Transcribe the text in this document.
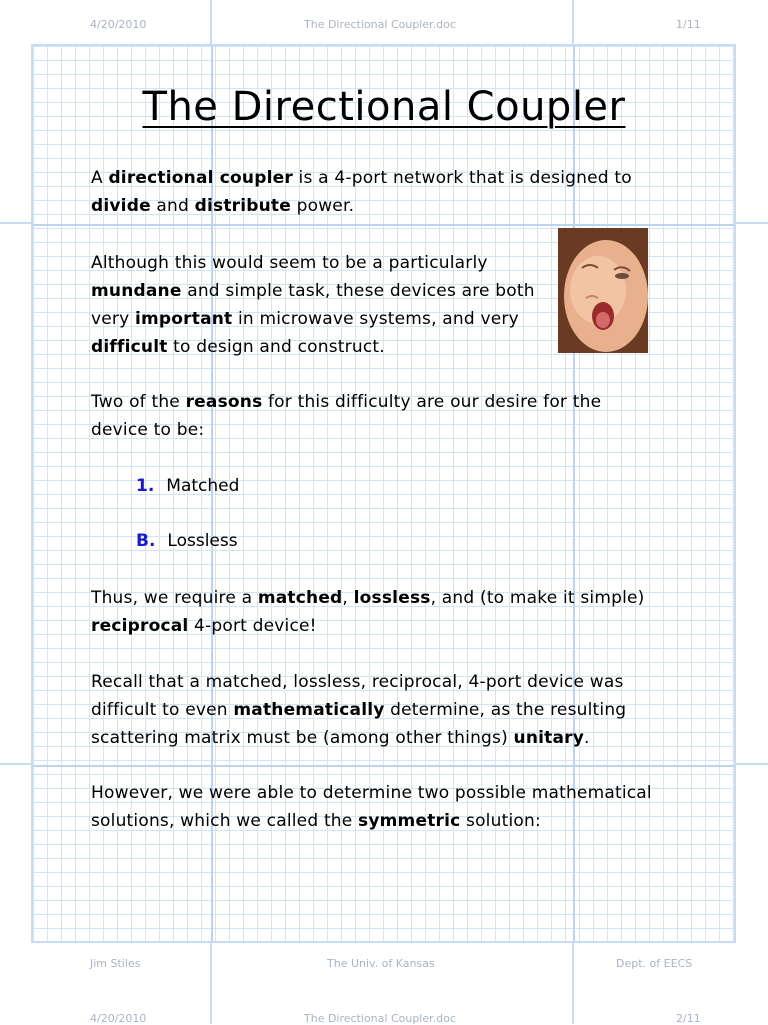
4/20/2010	The Directional Coupler.doc	1/11
The Directional Coupler
A directional coupler is a 4-port network that is designed to
divide and distribute power.
Although this would seem to be a particularly
mundane and simple task, these devices are both
very important in microwave systems, and very
difficult to design and construct.
Two of the reasons for this difficulty are our desire for the
device to be:
1. Matched
B. Lossless
Thus, we require a matched, lossless, and (to make it simple)
reciprocal 4-port device!
Recall that a matched, lossless, reciprocal, 4-port device was
difficult to even mathematically determine, as the resulting
scattering matrix must be (among other things) unitary.
However, we were able to determine two possible mathematical
solutions, which we called the symmetric solution:
Jim Stiles	The Univ. of Kansas	Dept. of EECS
4/20/2010	The Directional Coupler.doc	2/11
